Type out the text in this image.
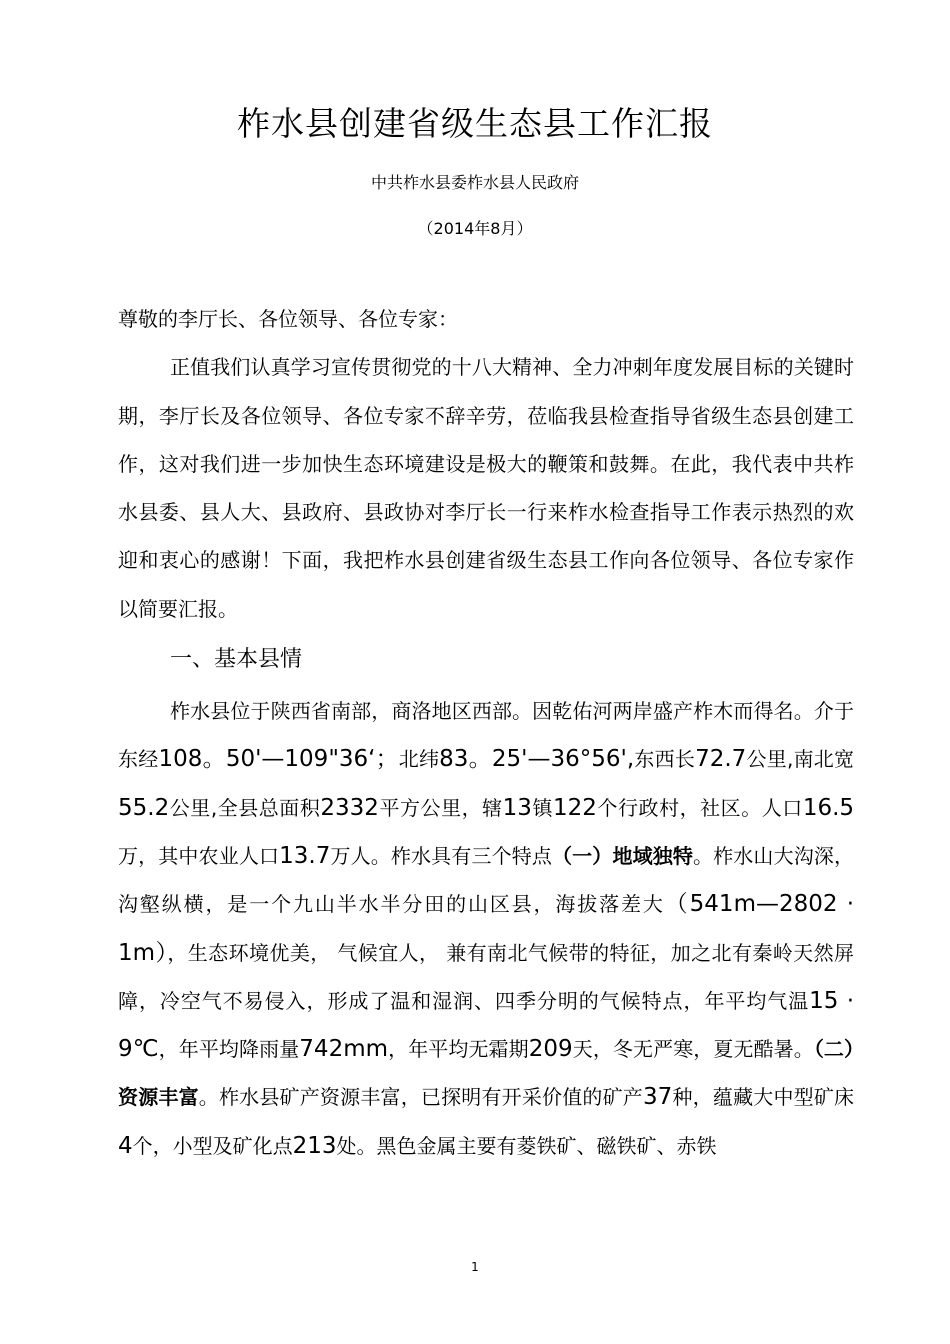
柞水县创建省级生态县工作汇报
中共柞水县委柞水县人民政府
（2014年8月）

尊敬的李厅长、各位领导、各位专家：

正值我们认真学习宣传贯彻党的十八大精神、全力冲刺年度发展目标的关键时期，李厅长及各位领导、各位专家不辞辛劳，莅临我县检查指导省级生态县创建工作，这对我们进一步加快生态环境建设是极大的鞭策和鼓舞。在此，我代表中共柞水县委、县人大、县政府、县政协对李厅长一行来柞水检查指导工作表示热烈的欢迎和衷心的感谢！下面，我把柞水县创建省级生态县工作向各位领导、各位专家作以简要汇报。

一、基本县情

柞水县位于陕西省南部，商洛地区西部。因乾佑河两岸盛产柞木而得名。介于东经108。50'—109"36‘；北纬83。25'—36°56',东西长72.7公里,南北宽55.2公里,全县总面积2332平方公里，辖13镇122个行政村，社区。人口16.5万，其中农业人口13.7万人。柞水具有三个特点（一）地域独特。柞水山大沟深，沟壑纵横，是一个九山半水半分田的山区县，海拔落差大（541m—2802 · 1m），生态环境优美， 气候宜人， 兼有南北气候带的特征，加之北有秦岭天然屏障，冷空气不易侵入，形成了温和湿润、四季分明的气候特点，年平均气温15 · 9℃，年平均降雨量742mm，年平均无霜期209天，冬无严寒，夏无酷暑。（二）资源丰富。柞水县矿产资源丰富，已探明有开采价值的矿产37种，蕴藏大中型矿床4个，小型及矿化点213处。黑色金属主要有菱铁矿、磁铁矿、赤铁

1
